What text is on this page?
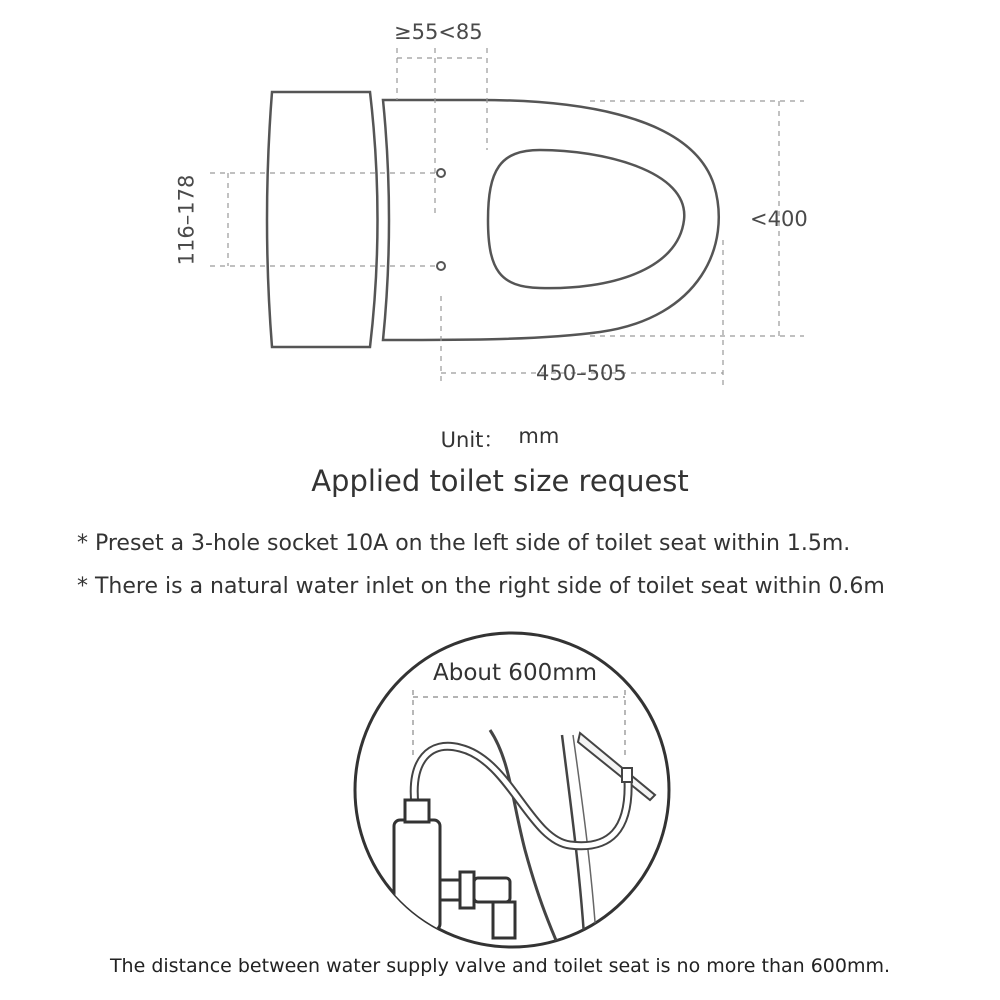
≥55<85
116–178	<400
450–505
Unit： mm
Applied toilet size request
* Preset a 3-hole socket 10A on the left side of toilet seat within 1.5m.
* There is a natural water inlet on the right side of toilet seat within 0.6m
About 600mm
The distance between water supply valve and toilet seat is no more than 600mm.
